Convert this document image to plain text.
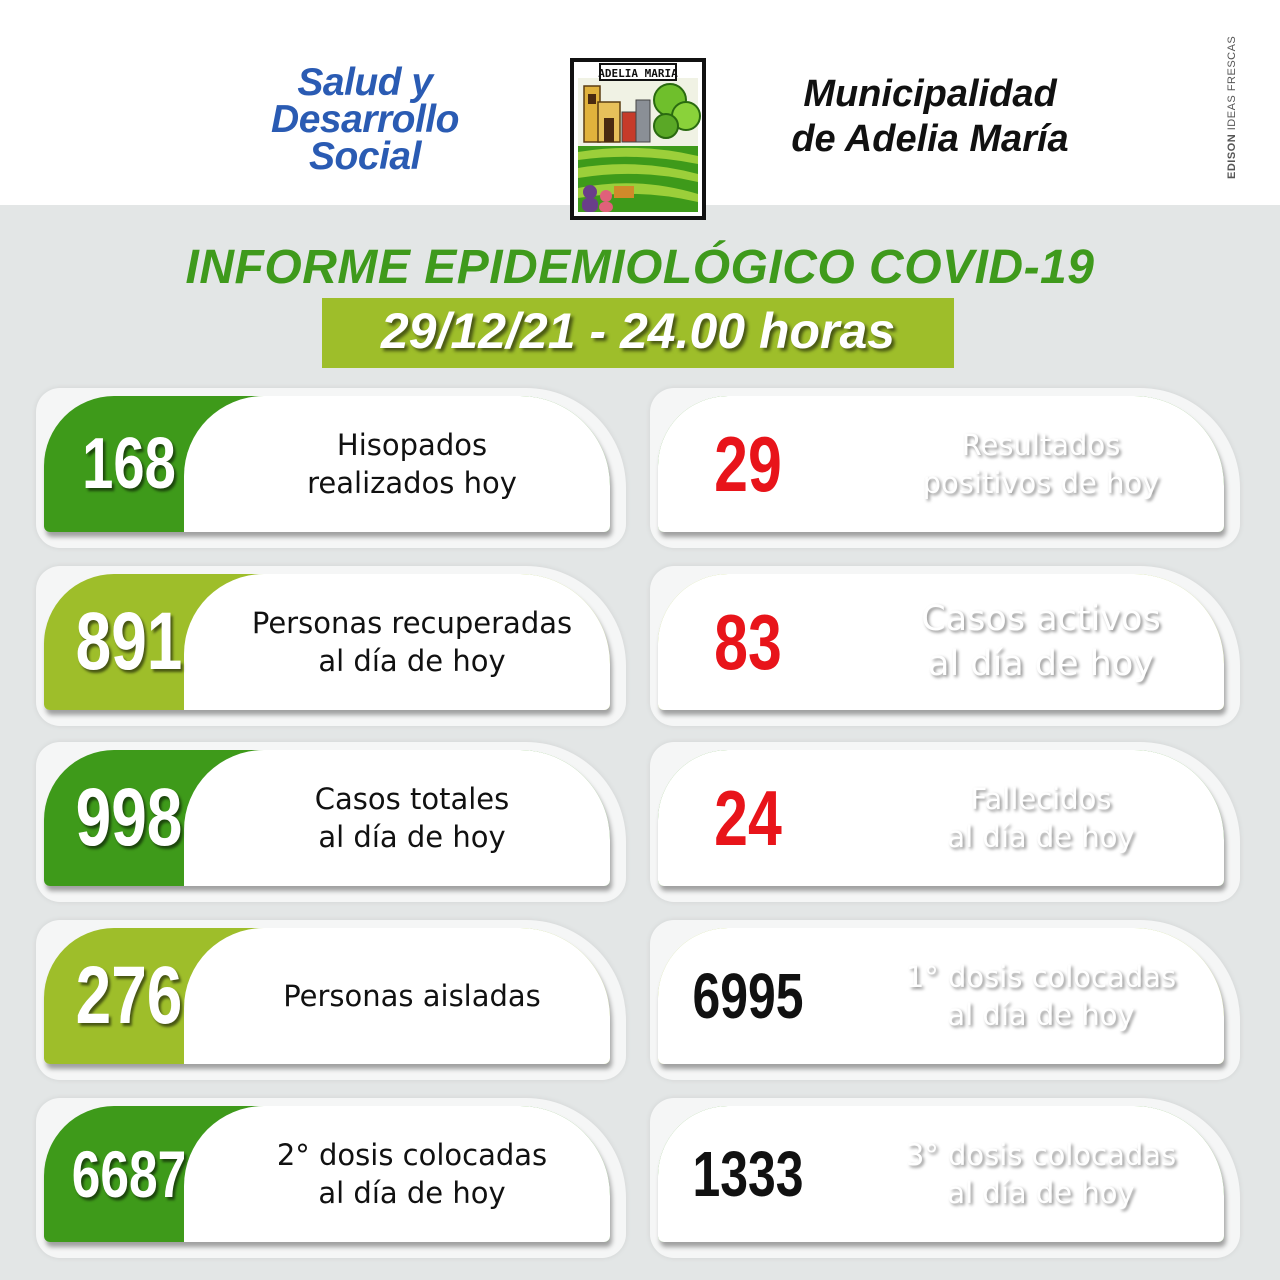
Salud y
Desarrollo
Social
ADELIA MARIA	Municipalidad
de Adelia María	EDISON IDEAS FRESCAS
INFORME EPIDEMIOLÓGICO COVID-19
29/12/21 - 24.00 horas
168	Hisopados
realizados hoy
891	Personas recuperadas
al día de hoy
998	Casos totales
al día de hoy
276	Personas aisladas
6687	2° dosis colocadas
al día de hoy
29	Resultados
positivos de hoy
83	Casos activos
al día de hoy
24	Fallecidos
al día de hoy
6995	1° dosis colocadas
al día de hoy
1333	3° dosis colocadas
al día de hoy
